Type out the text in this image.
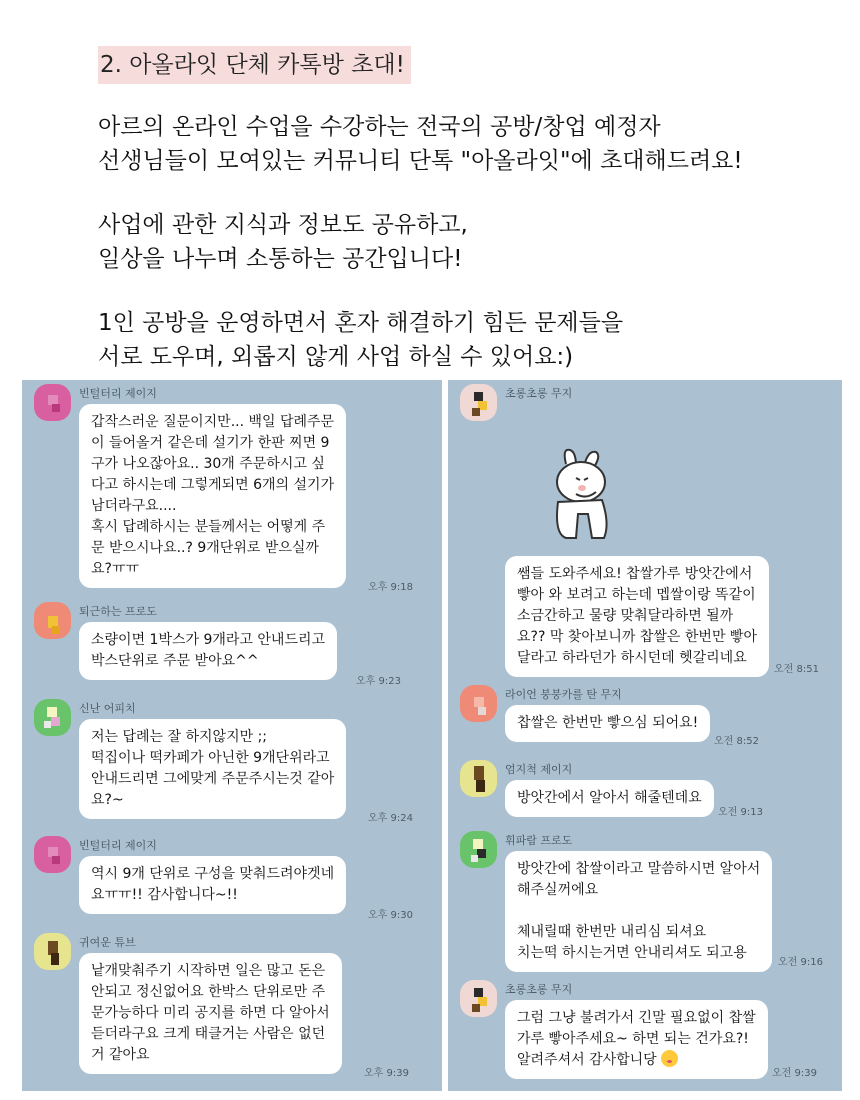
2. 아올라잇 단체 카톡방 초대!

아르의 온라인 수업을 수강하는 전국의 공방/창업 예정자
선생님들이 모여있는 커뮤니티 단톡 "아올라잇"에 초대해드려요!

사업에 관한 지식과 정보도 공유하고,
일상을 나누며 소통하는 공간입니다!

1인 공방을 운영하면서 혼자 해결하기 힘든 문제들을
서로 도우며, 외롭지 않게 사업 하실 수 있어요:)

빈털터리 제이지
갑작스러운 질문이지만... 백일 답례주문
이 들어올거 같은데 설기가 한판 찌면 9
구가 나오잖아요.. 30개 주문하시고 싶
다고 하시는데 그렇게되면 6개의 설기가
남더라구요....
혹시 답례하시는 분들께서는 어떻게 주
문 받으시나요..? 9개단위로 받으실까
요?ㅠㅠ
오후 9:18
퇴근하는 프로도
소량이면 1박스가 9개라고 안내드리고
박스단위로 주문 받아요^^
오후 9:23
신난 어피치
저는 답례는 잘 하지않지만 ;;
떡집이나 떡카페가 아닌한 9개단위라고
안내드리면 그에맞게 주문주시는것 같아
요?~
오후 9:24
빈털터리 제이지
역시 9개 단위로 구성을 맞춰드려야겟네
요ㅠㅠ!! 감사합니다~!!
오후 9:30
귀여운 튜브
낱개맞춰주기 시작하면 일은 많고 돈은
안되고 정신없어요 한박스 단위로만 주
문가능하다 미리 공지를 하면 다 알아서
듣더라구요 크게 태클거는 사람은 없던
거 같아요
오후 9:39
초롱초롱 무지
쌤들 도와주세요! 찹쌀가루 방앗간에서
빻아 와 보려고 하는데 멥쌀이랑 똑같이
소금간하고 물량 맞춰달라하면 될까
요?? 막 찾아보니까 찹쌀은 한번만 빻아
달라고 하라던가 하시던데 헷갈리네요
오전 8:51
라이언 붕붕카를 탄 무지
찹쌀은 한번만 빻으심 되어요!
오전 8:52
엄지척 제이지
방앗간에서 알아서 해줄텐데요
오전 9:13
휘파람 프로도
방앗간에 찹쌀이라고 말씀하시면 알아서
해주실꺼에요
체내릴때 한번만 내리심 되셔요
치는떡 하시는거면 안내리셔도 되고용
오전 9:16
초롱초롱 무지
그럼 그냥 불려가서 긴말 필요없이 찹쌀
가루 빻아주세요~ 하면 되는 건가요?!
알려주셔서 감사합니당
오전 9:39
